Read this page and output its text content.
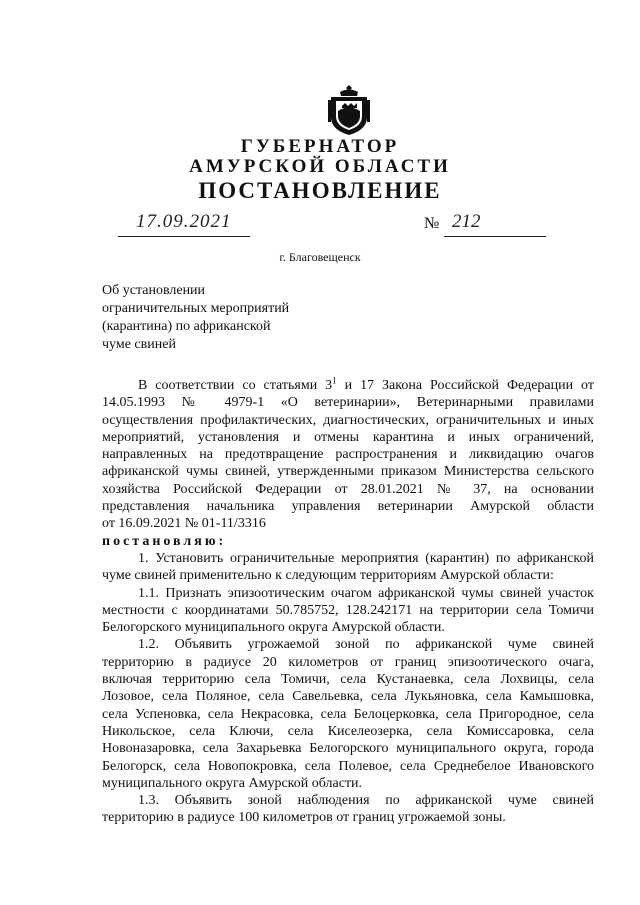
ГУБЕРНАТОР
АМУРСКОЙ ОБЛАСТИ
ПОСТАНОВЛЕНИЕ
17.09.2021	№ 212
г. Благовещенск
Об установлении
ограничительных мероприятий
(карантина) по африканской
чуме свиней
В соответствии со статьями $3^1$ и 17 Закона Российской Федерации от
14.05.1993 № 4979-1 «О ветеринарии», Ветеринарными правилами
осуществления профилактических, диагностических, ограничительных и иных
мероприятий, установления и отмены карантина и иных ограничений,
направленных на предотвращение распространения и ликвидацию очагов
африканской чумы свиней, утвержденными приказом Министерства сельского
хозяйства Российской Федерации от 28.01.2021 № 37, на основании
представления начальника управления ветеринарии Амурской области
от 16.09.2021 № 01-11/3316
постановляю:
1. Установить ограничительные мероприятия (карантин) по африканской
чуме свиней применительно к следующим территориям Амурской области:
1.1. Признать эпизоотическим очагом африканской чумы свиней участок
местности с координатами 50.785752, 128.242171 на территории села Томичи
Белогорского муниципального округа Амурской области.
1.2. Объявить угрожаемой зоной по африканской чуме свиней
территорию в радиусе 20 километров от границ эпизоотического очага,
включая территорию села Томичи, села Кустанаевка, села Лохвицы, села
Лозовое, села Поляное, села Савельевка, села Лукьяновка, села Камышовка,
села Успеновка, села Некрасовка, села Белоцерковка, села Пригородное, села
Никольское, села Ключи, села Киселеозерка, села Комиссаровка, села
Новоназаровка, села Захарьевка Белогорского муниципального округа, города
Белогорск, села Новопокровка, села Полевое, села Среднебелое Ивановского
муниципального округа Амурской области.
1.3. Объявить зоной наблюдения по африканской чуме свиней
территорию в радиусе 100 километров от границ угрожаемой зоны.
